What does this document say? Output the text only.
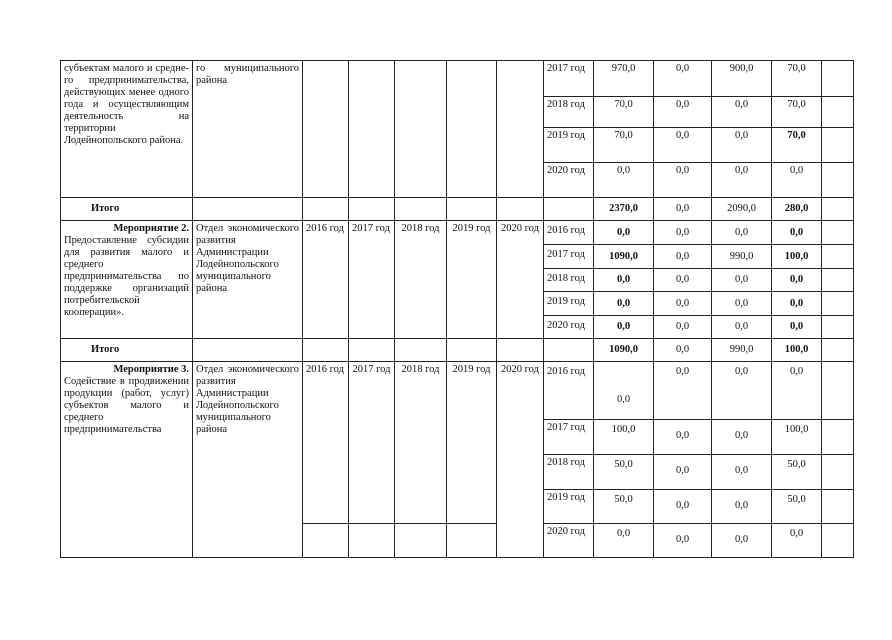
субъектам малого и средне-го предпринимательства, действующих менее одного года и осуществляющим деятельность на территории Лодейнопольского района.	го муниципального района						2017 год	970,0	0,0	900,0	70,0	
							2018 год	70,0	0,0	0,0	70,0	
							2019 год	70,0	0,0	0,0	70,0	
							2020 год	0,0	0,0	0,0	0,0	
Итого								2370,0	0,0	2090,0	280,0	

Мероприятие 2.
Предоставление субсидии для развития малого и среднего предпринимательства по поддержке организаций потребительской кооперации».	Отдел экономического развития Администрации Лодейнопольского муниципального района	2016 год	2017 год	2018 год	2019 год	2020 год	2016 год	0,0	0,0	0,0	0,0	
							2017 год	1090,0	0,0	990,0	100,0	
							2018 год	0,0	0,0	0,0	0,0	
							2019 год	0,0	0,0	0,0	0,0	
							2020 год	0,0	0,0	0,0	0,0	
Итого								1090,0	0,0	990,0	100,0	

Мероприятие 3.
Содействие в продвижении продукции (работ, услуг) субъектов малого и среднего предпринимательства	Отдел экономического развития Администрации Лодейнопольского муниципального района	2016 год	2017 год	2018 год	2019 год	2020 год	2016 год	0,0	0,0	0,0	0,0	
							2017 год	100,0	0,0	0,0	100,0	
							2018 год	50,0	0,0	0,0	50,0	
							2019 год	50,0	0,0	0,0	50,0	
							2020 год	0,0	0,0	0,0	0,0	
